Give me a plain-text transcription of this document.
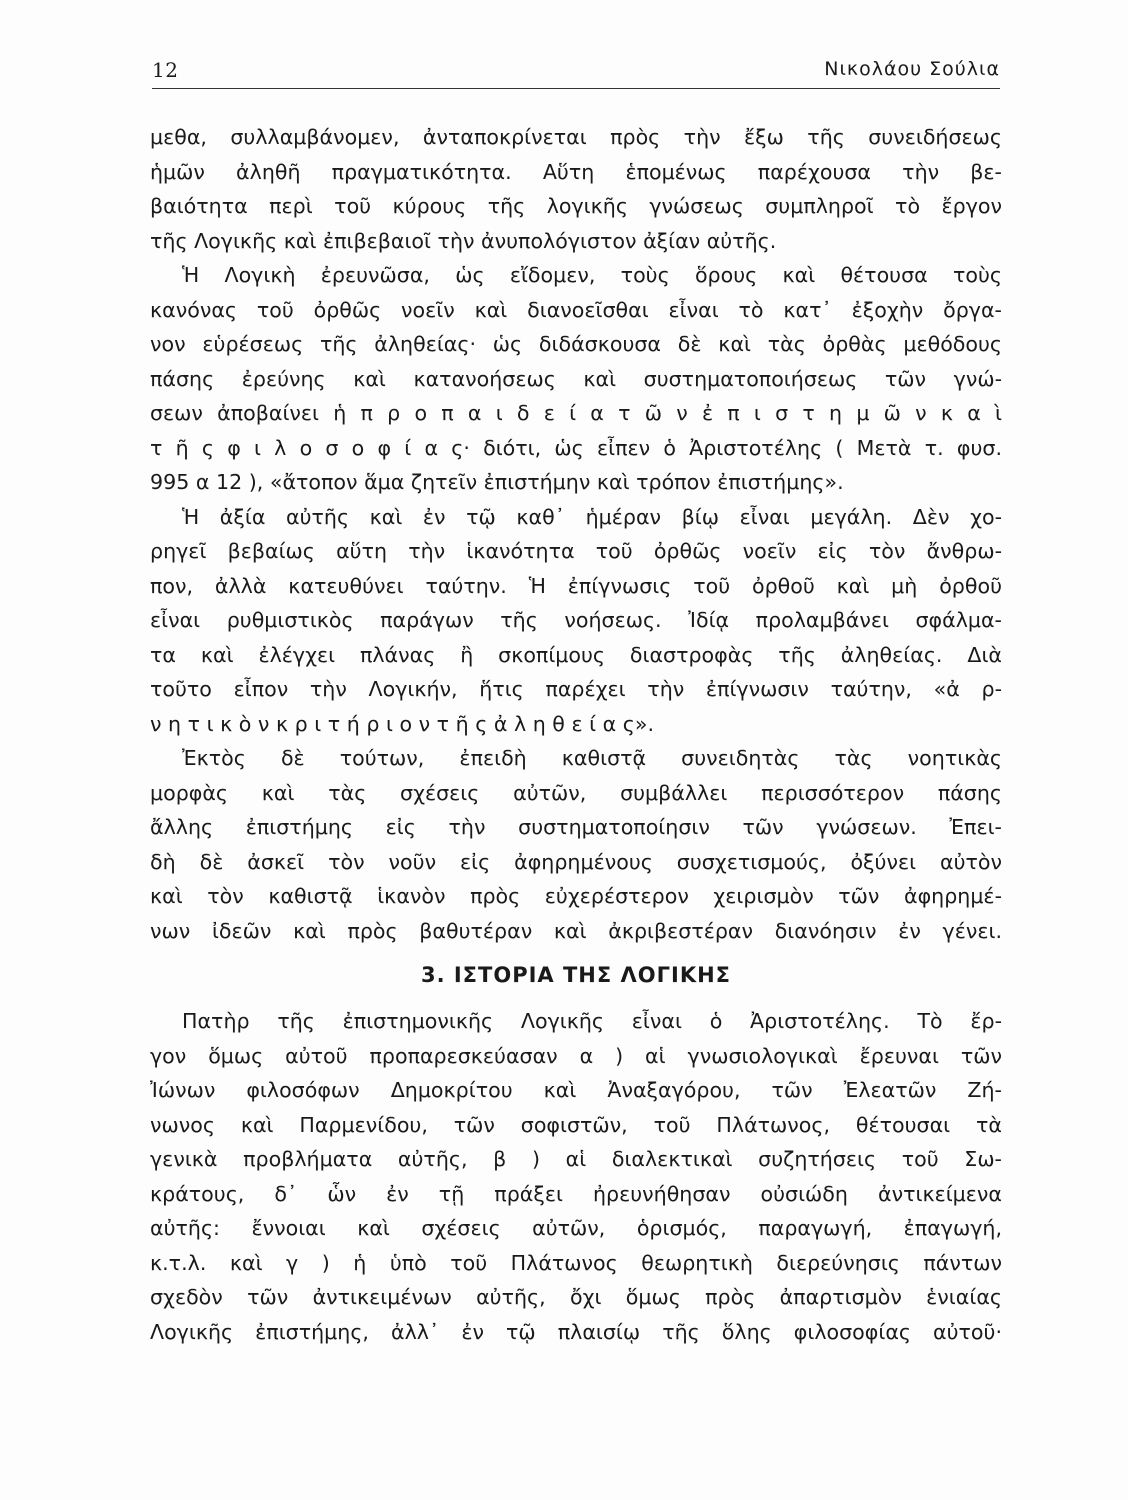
12	Νικολάου Σούλια
μεθα, συλλαμβάνομεν, ἀνταποκρίνεται πρὸς τὴν ἔξω τῆς συνειδήσεως
ἡμῶν ἀληθῆ πραγματικότητα. Αὕτη ἑπομένως παρέχουσα τὴν βε-
βαιότητα περὶ τοῦ κύρους τῆς λογικῆς γνώσεως συμπληροῖ τὸ ἔργον
τῆς Λογικῆς καὶ ἐπιβεβαιοῖ τὴν ἀνυπολόγιστον ἀξίαν αὐτῆς.
Ἡ Λογικὴ ἐρευνῶσα, ὡς εἴδομεν, τοὺς ὅρους καὶ θέτουσα τοὺς
κανόνας τοῦ ὀρθῶς νοεῖν καὶ διανοεῖσθαι εἶναι τὸ κατ᾽ ἐξοχὴν ὄργα-
νον εὑρέσεως τῆς ἀληθείας· ὡς διδάσκουσα δὲ καὶ τὰς ὀρθὰς μεθόδους
πάσης ἐρεύνης καὶ κατανοήσεως καὶ συστηματοποιήσεως τῶν γνώ-
σεων ἀποβαίνει ἡ π ρ ο π α ι δ ε ί α τ ῶ ν ἐ π ι σ τ η μ ῶ ν κ α ὶ
τ ῆ ς φ ι λ ο σ ο φ ί α ς· διότι, ὡς εἶπεν ὁ Ἀριστοτέλης ( Μετὰ τ. φυσ.
995 α 12 ), «ἄτοπον ἅμα ζητεῖν ἐπιστήμην καὶ τρόπον ἐπιστήμης».
Ἡ ἀξία αὐτῆς καὶ ἐν τῷ καθ᾽ ἡμέραν βίῳ εἶναι μεγάλη. Δὲν χο-
ρηγεῖ βεβαίως αὕτη τὴν ἱκανότητα τοῦ ὀρθῶς νοεῖν εἰς τὸν ἄνθρω-
πον, ἀλλὰ κατευθύνει ταύτην. Ἡ ἐπίγνωσις τοῦ ὀρθοῦ καὶ μὴ ὀρθοῦ
εἶναι ρυθμιστικὸς παράγων τῆς νοήσεως. Ἰδίᾳ προλαμβάνει σφάλμα-
τα καὶ ἐλέγχει πλάνας ἢ σκοπίμους διαστροφὰς τῆς ἀληθείας. Διὰ
τοῦτο εἶπον τὴν Λογικήν, ἥτις παρέχει τὴν ἐπίγνωσιν ταύτην, «ἀ ρ-
ν η τ ι κ ὸ ν κ ρ ι τ ή ρ ι ο ν τ ῆ ς ἀ λ η θ ε ί α ς».
Ἐκτὸς δὲ τούτων, ἐπειδὴ καθιστᾷ συνειδητὰς τὰς νοητικὰς
μορφὰς καὶ τὰς σχέσεις αὐτῶν, συμβάλλει περισσότερον πάσης
ἄλλης ἐπιστήμης εἰς τὴν συστηματοποίησιν τῶν γνώσεων. Ἐπει-
δὴ δὲ ἀσκεῖ τὸν νοῦν εἰς ἀφηρημένους συσχετισμούς, ὀξύνει αὐτὸν
καὶ τὸν καθιστᾷ ἱκανὸν πρὸς εὐχερέστερον χειρισμὸν τῶν ἀφηρημέ-
νων ἰδεῶν καὶ πρὸς βαθυτέραν καὶ ἀκριβεστέραν διανόησιν ἐν γένει.
3. ΙΣΤΟΡΙΑ ΤΗΣ ΛΟΓΙΚΗΣ
Πατὴρ τῆς ἐπιστημονικῆς Λογικῆς εἶναι ὁ Ἀριστοτέλης. Τὸ ἔρ-
γον ὅμως αὐτοῦ προπαρεσκεύασαν α ) αἱ γνωσιολογικαὶ ἔρευναι τῶν
Ἰώνων φιλοσόφων Δημοκρίτου καὶ Ἀναξαγόρου, τῶν Ἐλεατῶν Ζή-
νωνος καὶ Παρμενίδου, τῶν σοφιστῶν, τοῦ Πλάτωνος, θέτουσαι τὰ
γενικὰ προβλήματα αὐτῆς, β ) αἱ διαλεκτικαὶ συζητήσεις τοῦ Σω-
κράτους, δ᾽ ὧν ἐν τῇ πράξει ἠρευνήθησαν οὐσιώδη ἀντικείμενα
αὐτῆς: ἔννοιαι καὶ σχέσεις αὐτῶν, ὁρισμός, παραγωγή, ἐπαγωγή,
κ.τ.λ. καὶ γ ) ἡ ὑπὸ τοῦ Πλάτωνος θεωρητικὴ διερεύνησις πάντων
σχεδὸν τῶν ἀντικειμένων αὐτῆς, ὄχι ὅμως πρὸς ἀπαρτισμὸν ἑνιαίας
Λογικῆς ἐπιστήμης, ἀλλ᾽ ἐν τῷ πλαισίῳ τῆς ὅλης φιλοσοφίας αὐτοῦ·
